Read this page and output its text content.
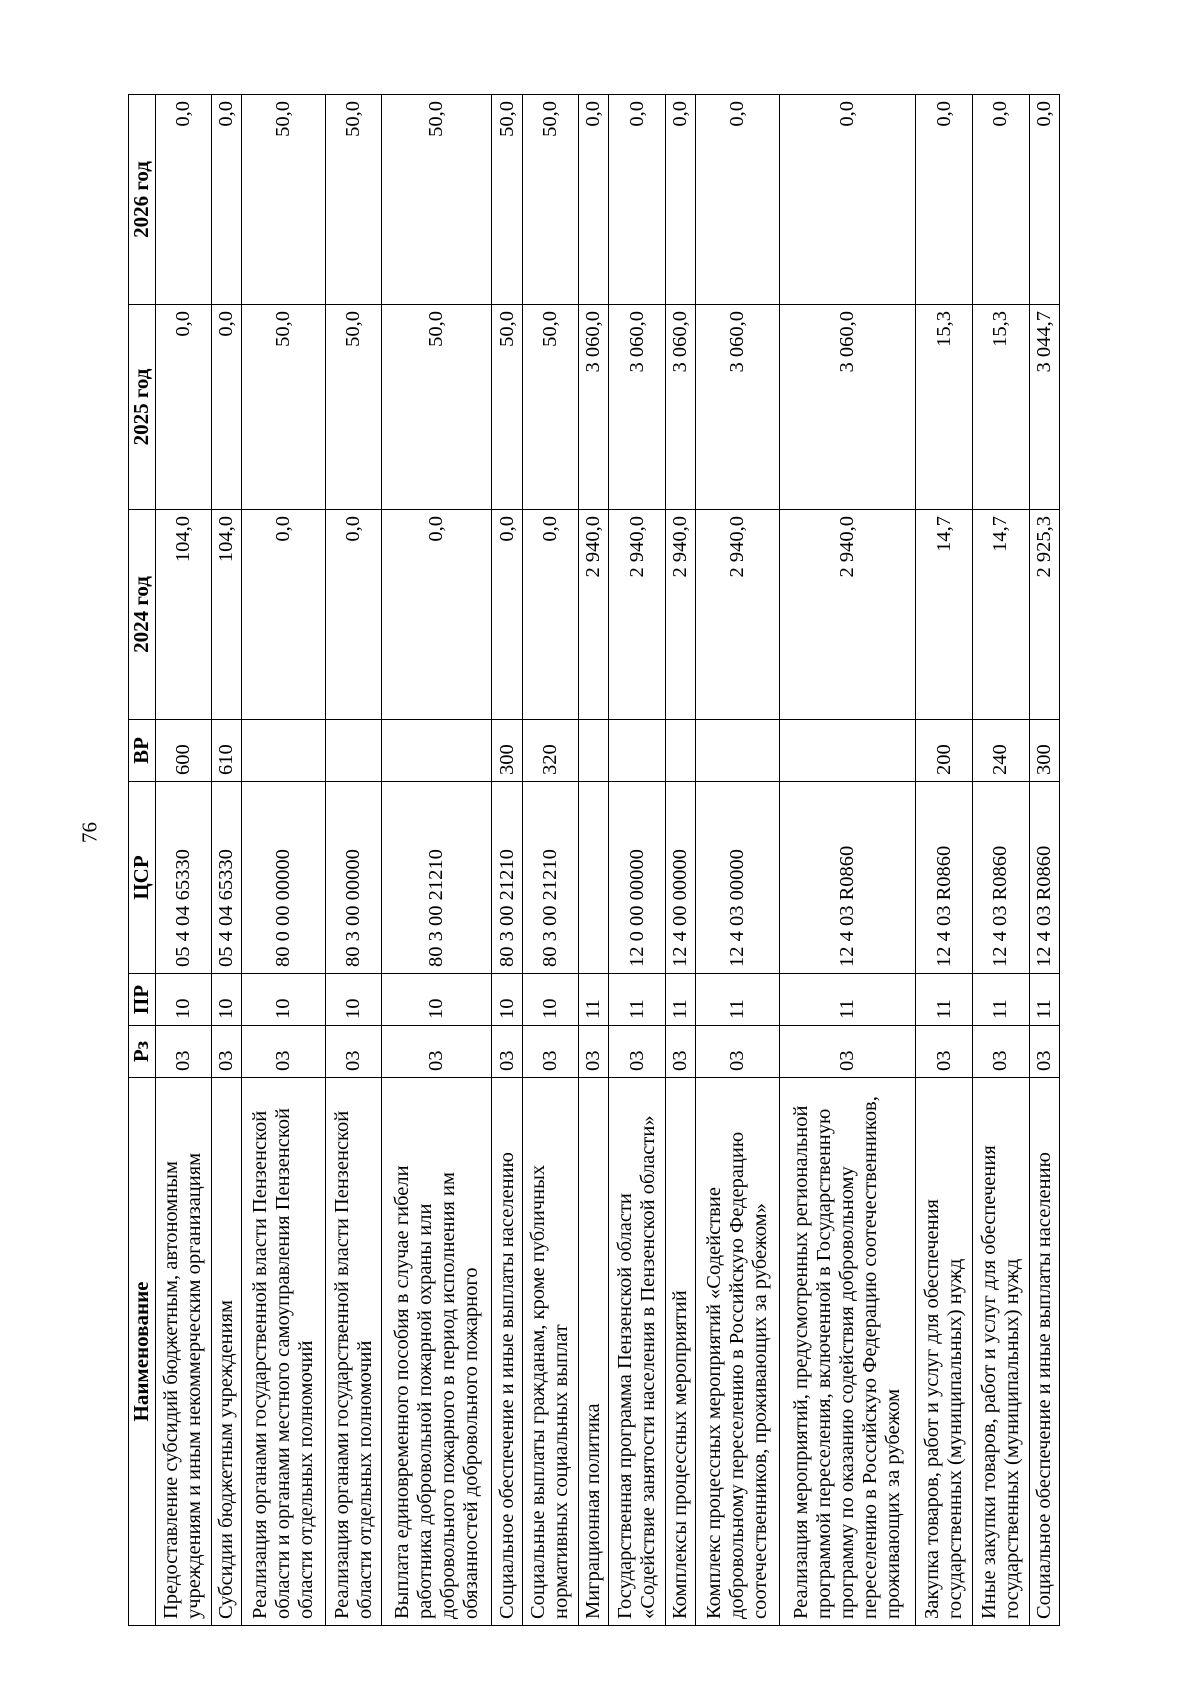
76
Наименование	Рз	ПР	ЦСР	ВР	2024 год	2025 год	2026 год
Предоставление субсидий бюджетным, автономным учреждениям и иным некоммерческим организациям	03	10	05 4 04 65330	600	104,0	0,0	0,0
Субсидии бюджетным учреждениям	03	10	05 4 04 65330	610	104,0	0,0	0,0
Реализация органами государственной власти Пензенской области и органами местного самоуправления Пензенской области отдельных полномочий	03	10	80 0 00 00000		0,0	50,0	50,0
Реализация органами государственной власти Пензенской области отдельных полномочий	03	10	80 3 00 00000		0,0	50,0	50,0
Выплата единовременного пособия в случае гибели работника добровольной пожарной охраны или добровольного пожарного в период исполнения им обязанностей добровольного пожарного	03	10	80 3 00 21210		0,0	50,0	50,0
Социальное обеспечение и иные выплаты населению	03	10	80 3 00 21210	300	0,0	50,0	50,0
Социальные выплаты гражданам, кроме публичных нормативных социальных выплат	03	10	80 3 00 21210	320	0,0	50,0	50,0
Миграционная политика	03	11			2 940,0	3 060,0	0,0
Государственная программа Пензенской области «Содействие занятости населения в Пензенской области»	03	11	12 0 00 00000		2 940,0	3 060,0	0,0
Комплексы процессных мероприятий	03	11	12 4 00 00000		2 940,0	3 060,0	0,0
Комплекс процессных мероприятий «Содействие добровольному переселению в Российскую Федерацию соотечественников, проживающих за рубежом»	03	11	12 4 03 00000		2 940,0	3 060,0	0,0
Реализация мероприятий, предусмотренных региональной программой переселения, включенной в Государственную программу по оказанию содействия добровольному переселению в Российскую Федерацию соотечественников, проживающих за рубежом	03	11	12 4 03 R0860		2 940,0	3 060,0	0,0
Закупка товаров, работ и услуг для обеспечения государственных (муниципальных) нужд	03	11	12 4 03 R0860	200	14,7	15,3	0,0
Иные закупки товаров, работ и услуг для обеспечения государственных (муниципальных) нужд	03	11	12 4 03 R0860	240	14,7	15,3	0,0
Социальное обеспечение и иные выплаты населению	03	11	12 4 03 R0860	300	2 925,3	3 044,7	0,0
